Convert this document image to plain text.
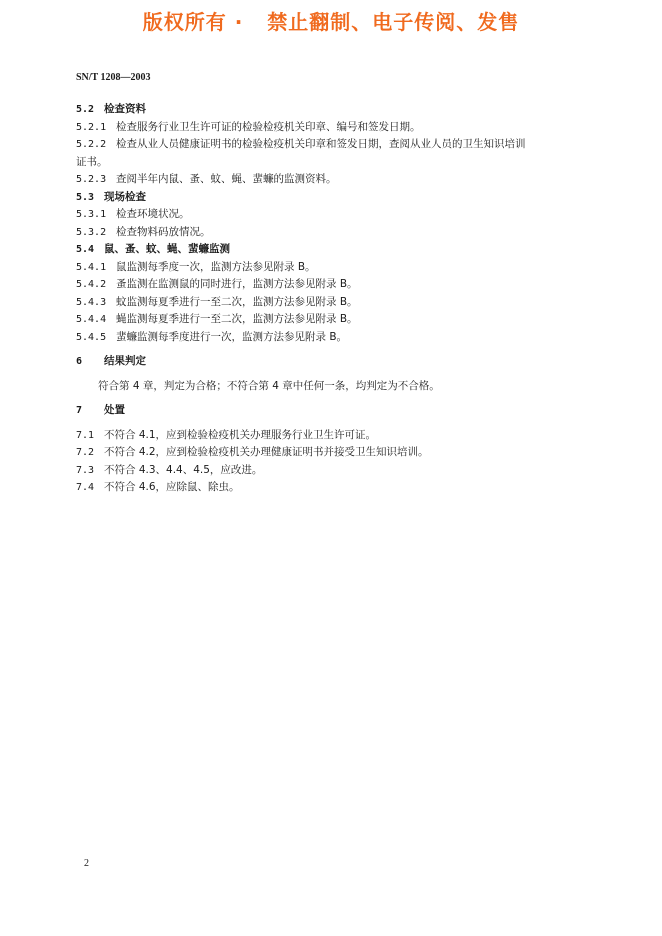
版权所有 ·   禁止翻制、电子传阅、发售
SN/T 1208—2003
5.2 检查资料
5.2.1 检查服务行业卫生许可证的检验检疫机关印章、编号和签发日期。
5.2.2 检查从业人员健康证明书的检验检疫机关印章和签发日期，查阅从业人员的卫生知识培训
证书。
5.2.3 查阅半年内鼠、蚤、蚊、蝇、蜚蠊的监测资料。
5.3 现场检查
5.3.1 检查环境状况。
5.3.2 检查物料码放情况。
5.4 鼠、蚤、蚊、蝇、蜚蠊监测
5.4.1 鼠监测每季度一次，监测方法参见附录 B。
5.4.2 蚤监测在监测鼠的同时进行，监测方法参见附录 B。
5.4.3 蚊监测每夏季进行一至二次，监测方法参见附录 B。
5.4.4 蝇监测每夏季进行一至二次，监测方法参见附录 B。
5.4.5 蜚蠊监测每季度进行一次，监测方法参见附录 B。
6 结果判定
符合第 4 章，判定为合格；不符合第 4 章中任何一条，均判定为不合格。
7 处置
7.1 不符合 4.1，应到检验检疫机关办理服务行业卫生许可证。
7.2 不符合 4.2，应到检验检疫机关办理健康证明书并接受卫生知识培训。
7.3 不符合 4.3、4.4、4.5，应改进。
7.4 不符合 4.6，应除鼠、除虫。
2
